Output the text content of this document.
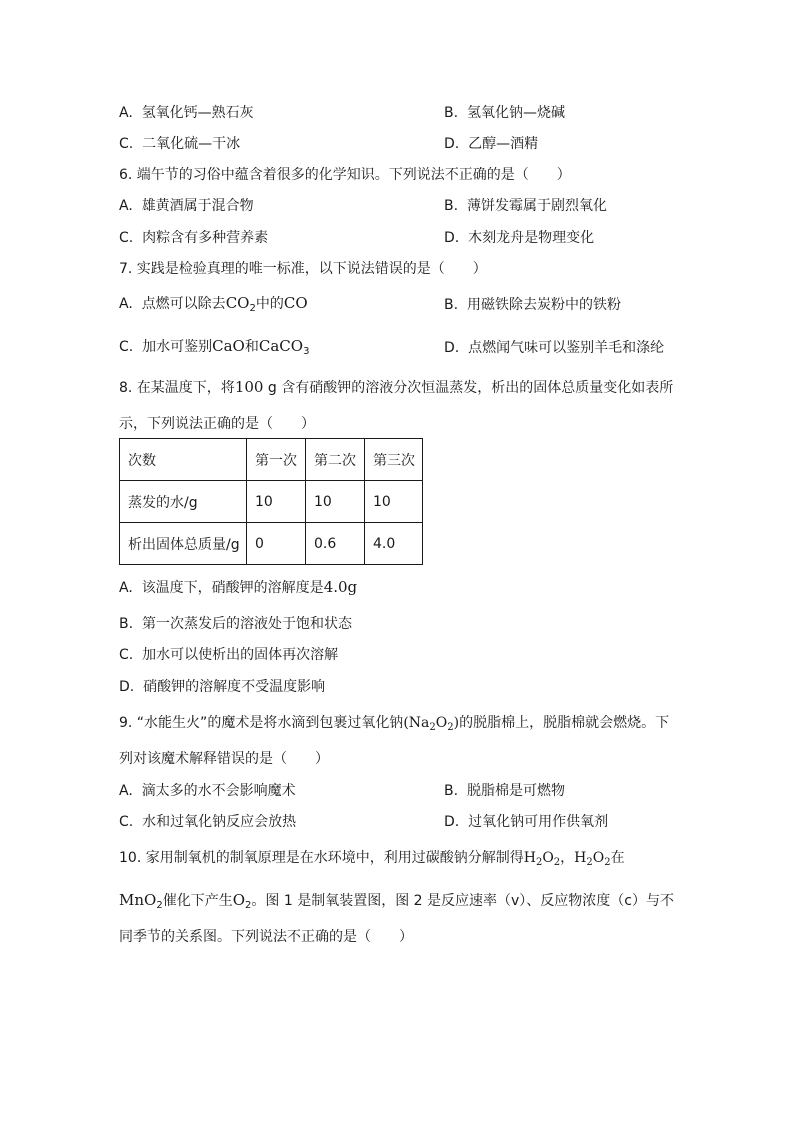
A. 氢氧化钙—熟石灰	B. 氢氧化钠—烧碱
C. 二氧化硫—干冰	D. 乙醇—酒精
6. 端午节的习俗中蕴含着很多的化学知识。下列说法不正确的是（　　）
A. 雄黄酒属于混合物	B. 薄饼发霉属于剧烈氧化
C. 肉粽含有多种营养素	D. 木刻龙舟是物理变化
7. 实践是检验真理的唯一标准，以下说法错误的是（　　）
A. 点燃可以除去$CO_2$中的CO	B. 用磁铁除去炭粉中的铁粉
C. 加水可鉴别CaO和CaCO$_3$	D. 点燃闻气味可以鉴别羊毛和涤纶
8. 在某温度下，将100 g 含有硝酸钾的溶液分次恒温蒸发，析出的固体总质量变化如表所
示，下列说法正确的是（　　）
次数	第一次	第二次	第三次
蒸发的水/g	10	10	10
析出固体总质量/g	0	0.6	4.0
A. 该温度下，硝酸钾的溶解度是4.0g
B. 第一次蒸发后的溶液处于饱和状态
C. 加水可以使析出的固体再次溶解
D. 硝酸钾的溶解度不受温度影响
9. “水能生火”的魔术是将水滴到包裹过氧化钠$(Na_2O_2)$的脱脂棉上，脱脂棉就会燃烧。下
列对该魔术解释错误的是（　　）
A. 滴太多的水不会影响魔术	B. 脱脂棉是可燃物
C. 水和过氧化钠反应会放热	D. 过氧化钠可用作供氧剂
10. 家用制氧机的制氧原理是在水环境中，利用过碳酸钠分解制得$H_2O_2$，$H_2O_2$在
MnO$_2$催化下产生$O_2$。图 1 是制氧装置图，图 2 是反应速率（v）、反应物浓度（c）与不
同季节的关系图。下列说法不正确的是（　　）
